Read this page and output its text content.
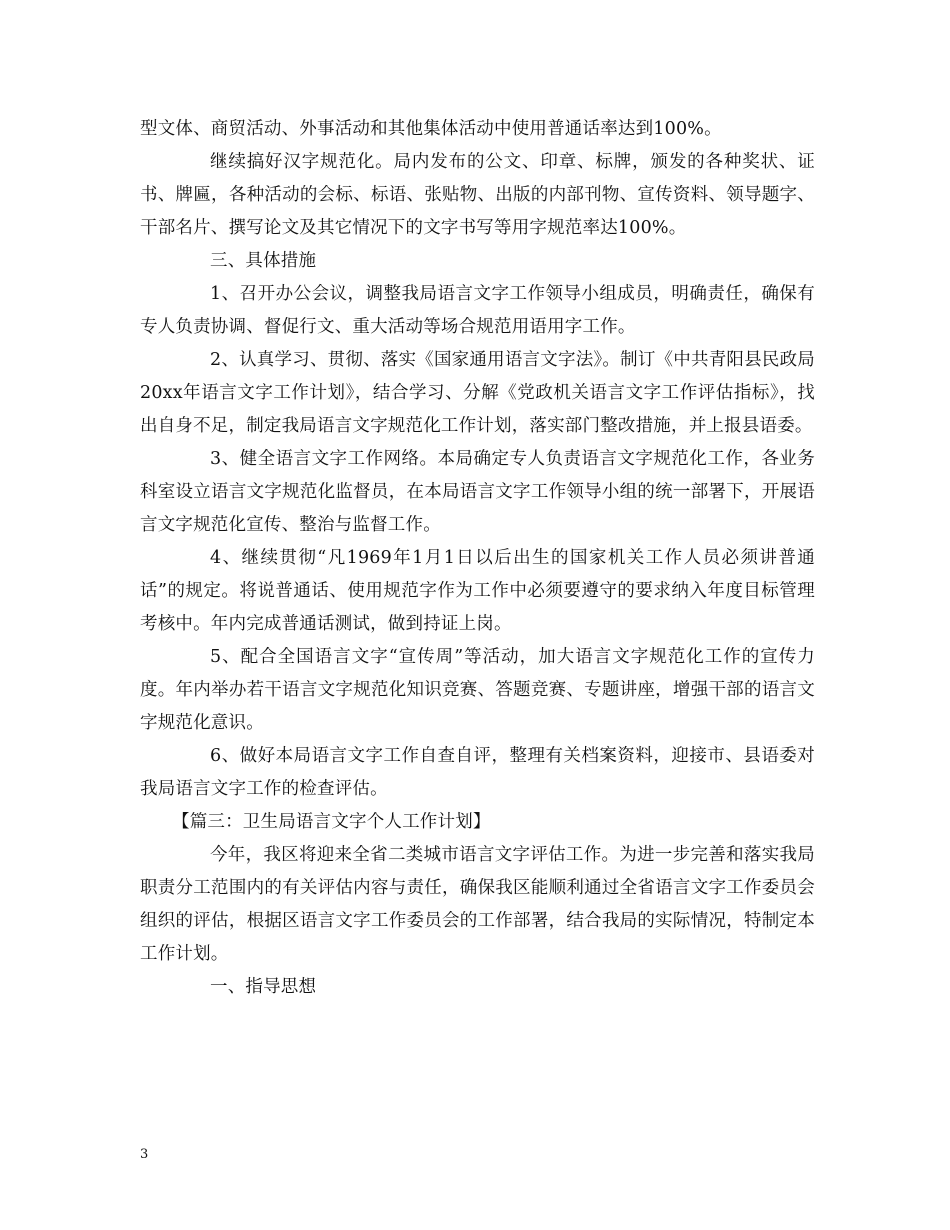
型文体、商贸活动、外事活动和其他集体活动中使用普通话率达到100%。

继续搞好汉字规范化。局内发布的公文、印章、标牌，颁发的各种奖状、证书、牌匾，各种活动的会标、标语、张贴物、出版的内部刊物、宣传资料、领导题字、干部名片、撰写论文及其它情况下的文字书写等用字规范率达100%。

三、具体措施

1、召开办公会议，调整我局语言文字工作领导小组成员，明确责任，确保有专人负责协调、督促行文、重大活动等场合规范用语用字工作。

2、认真学习、贯彻、落实《国家通用语言文字法》。制订《中共青阳县民政局20xx年语言文字工作计划》，结合学习、分解《党政机关语言文字工作评估指标》，找出自身不足，制定我局语言文字规范化工作计划，落实部门整改措施，并上报县语委。

3、健全语言文字工作网络。本局确定专人负责语言文字规范化工作，各业务科室设立语言文字规范化监督员，在本局语言文字工作领导小组的统一部署下，开展语言文字规范化宣传、整治与监督工作。

4、继续贯彻“凡1969年1月1日以后出生的国家机关工作人员必须讲普通话”的规定。将说普通话、使用规范字作为工作中必须要遵守的要求纳入年度目标管理考核中。年内完成普通话测试，做到持证上岗。

5、配合全国语言文字“宣传周”等活动，加大语言文字规范化工作的宣传力度。年内举办若干语言文字规范化知识竞赛、答题竞赛、专题讲座，增强干部的语言文字规范化意识。

6、做好本局语言文字工作自查自评，整理有关档案资料，迎接市、县语委对我局语言文字工作的检查评估。

【篇三：卫生局语言文字个人工作计划】

今年，我区将迎来全省二类城市语言文字评估工作。为进一步完善和落实我局职责分工范围内的有关评估内容与责任，确保我区能顺利通过全省语言文字工作委员会组织的评估，根据区语言文字工作委员会的工作部署，结合我局的实际情况，特制定本工作计划。

一、指导思想

3
